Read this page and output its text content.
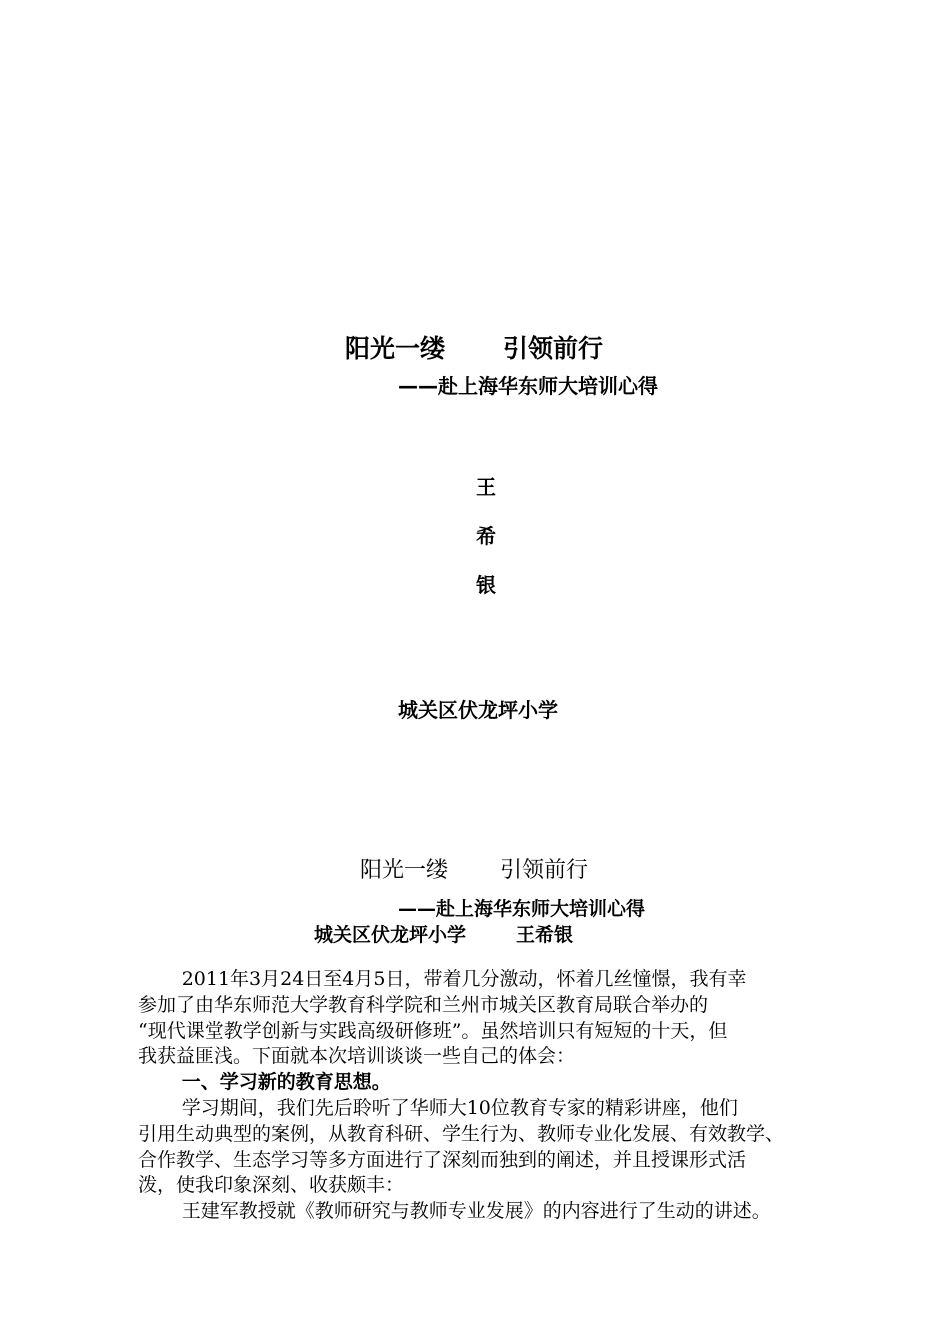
阳光一缕 引领前行
——赴上海华东师大培训心得
王
希
银
城关区伏龙坪小学
阳光一缕 引领前行
——赴上海华东师大培训心得
城关区伏龙坪小学	王希银

2011年3月24日至4月5日，带着几分激动，怀着几丝憧憬，我有幸
参加了由华东师范大学教育科学院和兰州市城关区教育局联合举办的
“现代课堂教学创新与实践高级研修班”。虽然培训只有短短的十天，但
我获益匪浅。下面就本次培训谈谈一些自己的体会：

一、学习新的教育思想。

学习期间，我们先后聆听了华师大10位教育专家的精彩讲座，他们
引用生动典型的案例，从教育科研、学生行为、教师专业化发展、有效教学、
合作教学、生态学习等多方面进行了深刻而独到的阐述，并且授课形式活
泼，使我印象深刻、收获颇丰：

王建军教授就《教师研究与教师专业发展》的内容进行了生动的讲述。
